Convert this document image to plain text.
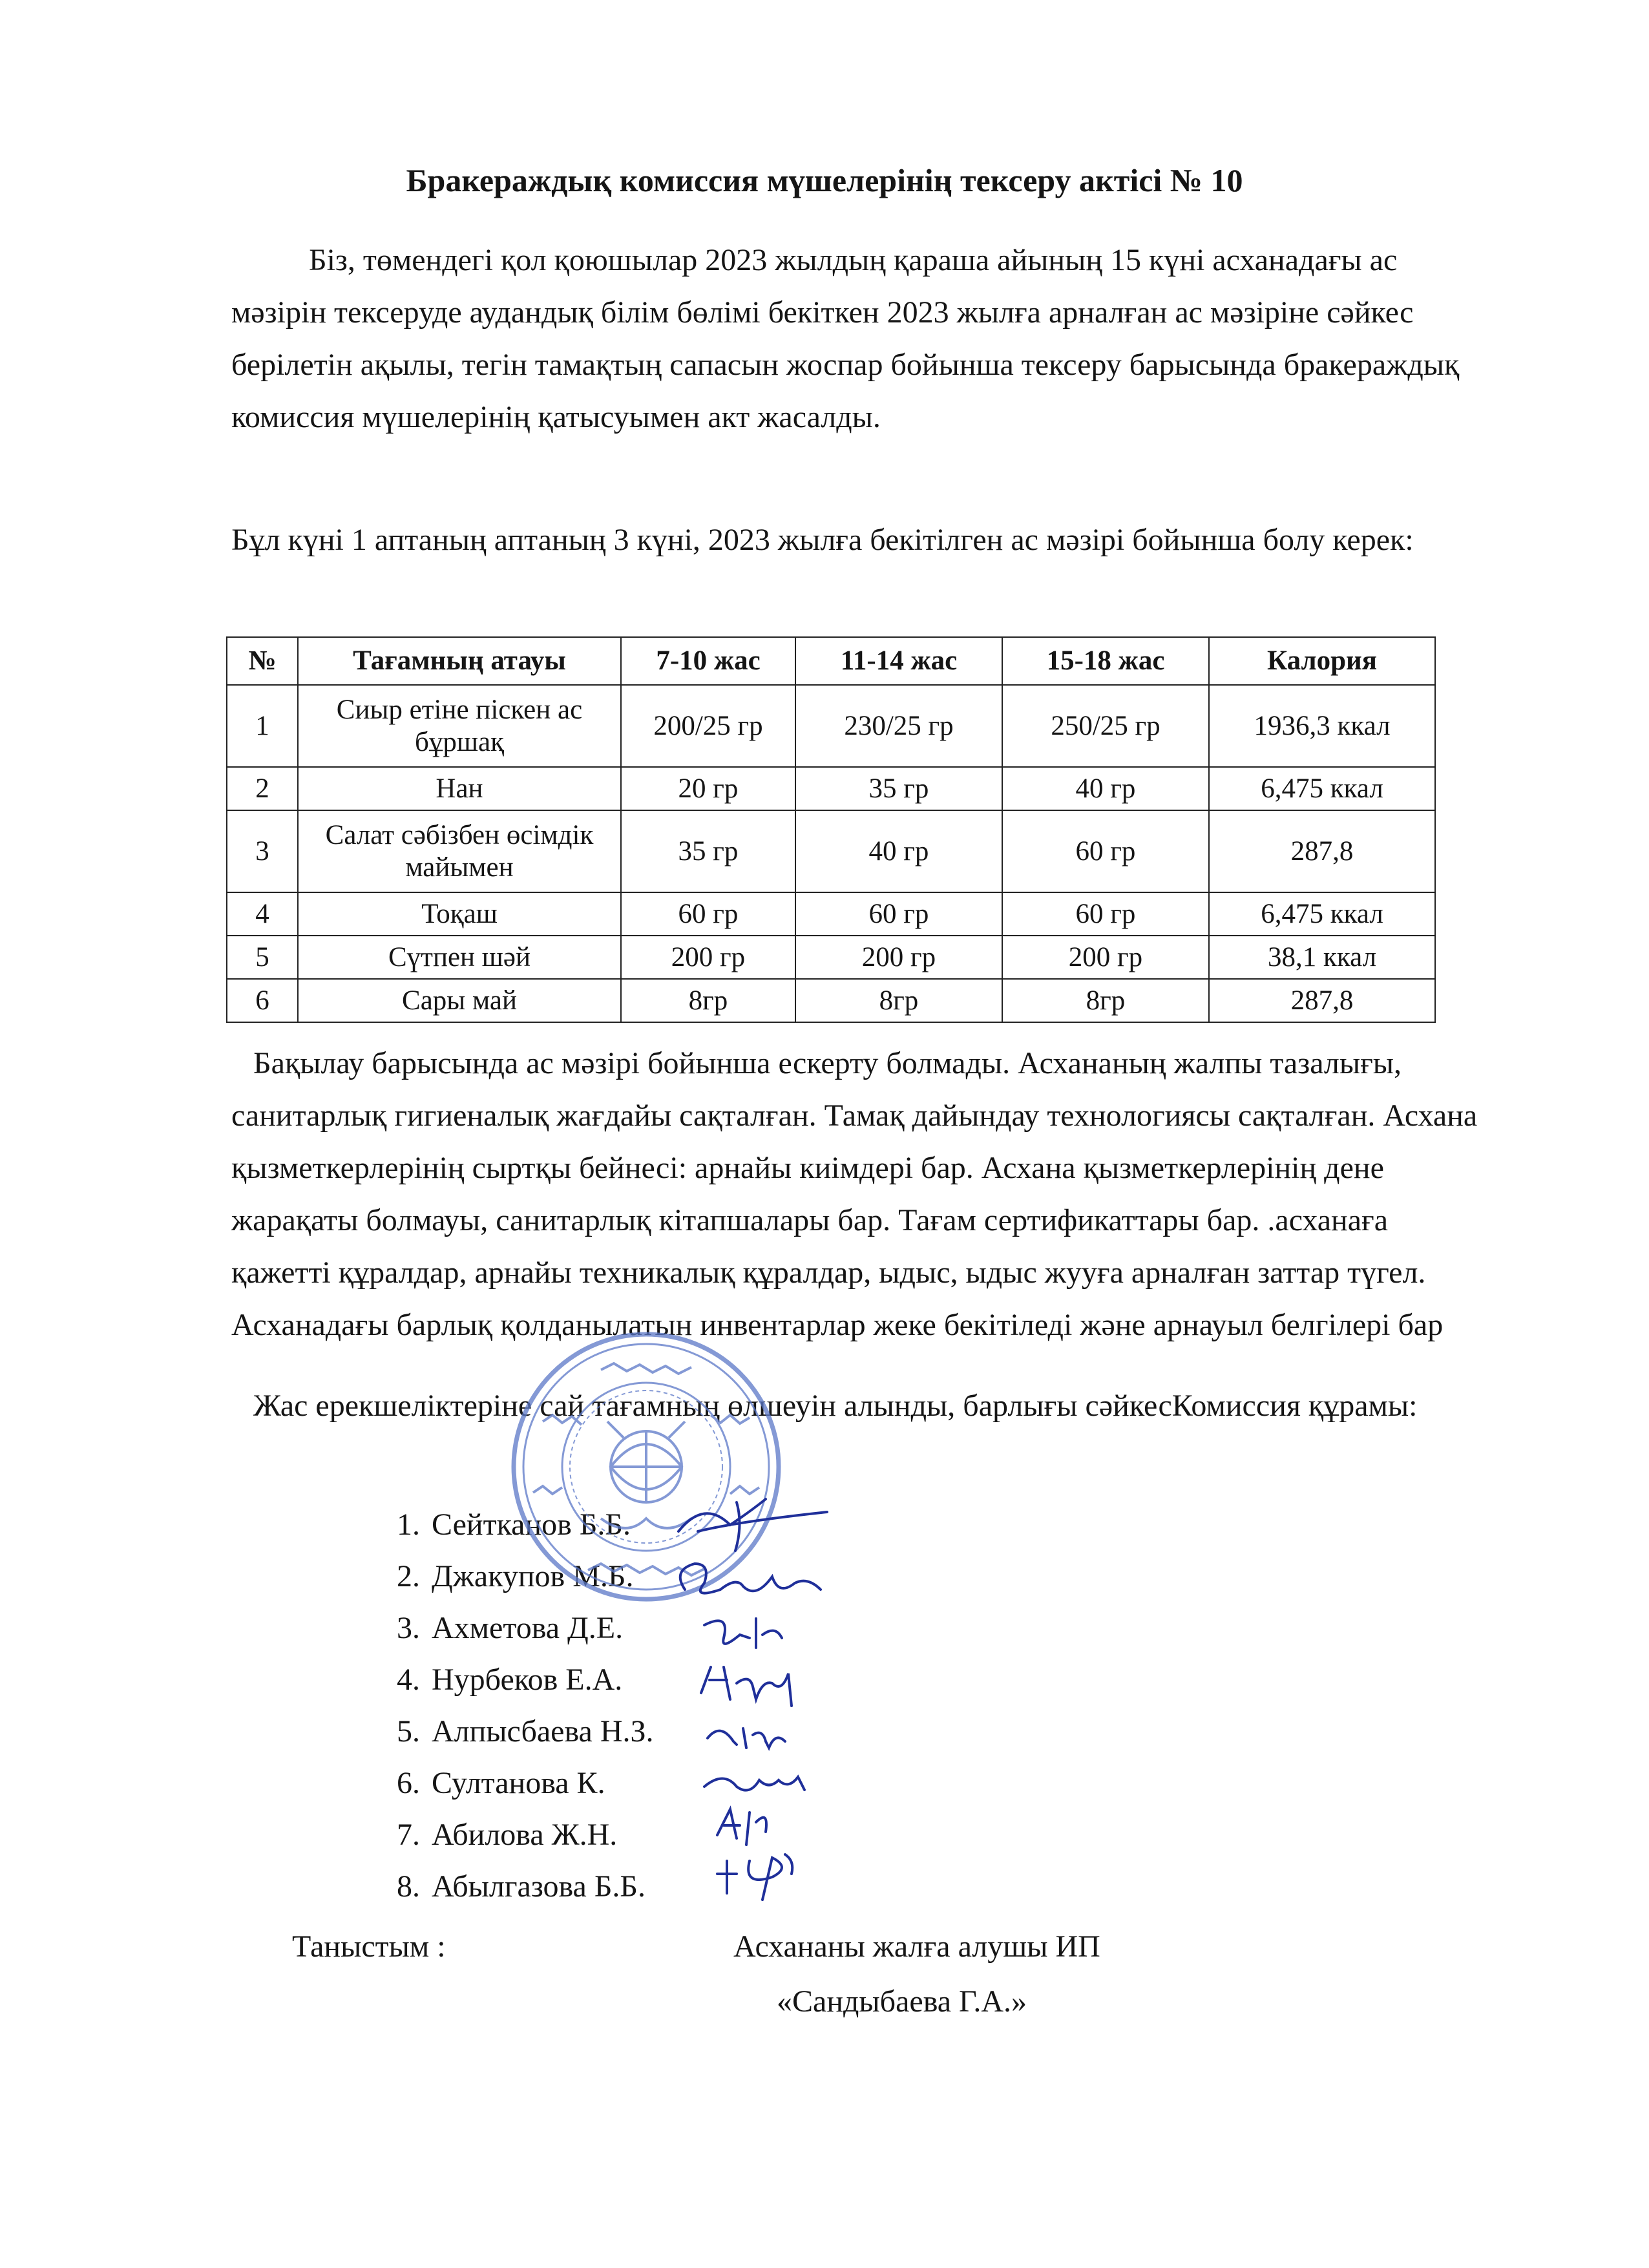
Бракераждық комиссия мүшелерінің тексеру актісі № 10

Біз, төмендегі қол қоюшылар 2023 жылдың қараша айының 15 күні асханадағы ас мәзірін тексеруде аудандық білім бөлімі бекіткен 2023 жылға арналған ас мәзіріне сәйкес берілетін ақылы, тегін тамақтың сапасын жоспар бойынша тексеру барысында бракераждық комиссия мүшелерінің қатысуымен акт жасалды.

Бұл күні 1 аптаның аптаның 3 күні, 2023 жылға бекітілген ас мәзірі бойынша болу керек:

№	Тағамның атауы	7-10 жас	11-14 жас	15-18 жас	Калория
1	Сиыр етіне піскен ас бұршақ	200/25 гр	230/25 гр	250/25 гр	1936,3 ккал
2	Нан	20 гр	35 гр	40 гр	6,475 ккал
3	Салат сәбізбен өсімдік майымен	35 гр	40 гр	60 гр	287,8
4	Тоқаш	60 гр	60 гр	60 гр	6,475 ккал
5	Сүтпен шәй	200 гр	200 гр	200 гр	38,1 ккал
6	Сары май	8гр	8гр	8гр	287,8

Бақылау барысында ас мәзірі бойынша ескерту болмады. Асхананың жалпы тазалығы, санитарлық гигиеналық жағдайы сақталған. Тамақ дайындау технологиясы сақталған. Асхана қызметкерлерінің сыртқы бейнесі: арнайы киімдері бар. Асхана қызметкерлерінің дене жарақаты болмауы, санитарлық кітапшалары бар. Тағам сертификаттары бар. .асханаға қажетті құралдар, арнайы техникалық құралдар, ыдыс, ыдыс жууға арналған заттар түгел. Асханадағы барлық қолданылатын инвентарлар жеке бекітіледі және арнауыл белгілері бар

Жас ерекшеліктеріне сай тағамның өлшеуін алынды, барлығы сәйкесКомиссия құрамы:

1. Сейтканов Б.Б.
2. Джакупов М.Б.
3. Ахметова Д.Е.
4. Нурбеков Е.А.
5. Алпысбаева Н.З.
6. Султанова К.
7. Абилова Ж.Н.
8. Абылгазова Б.Б.
Таныстым :	Асхананы жалға алушы ИП
«Сандыбаева Г.А.»
